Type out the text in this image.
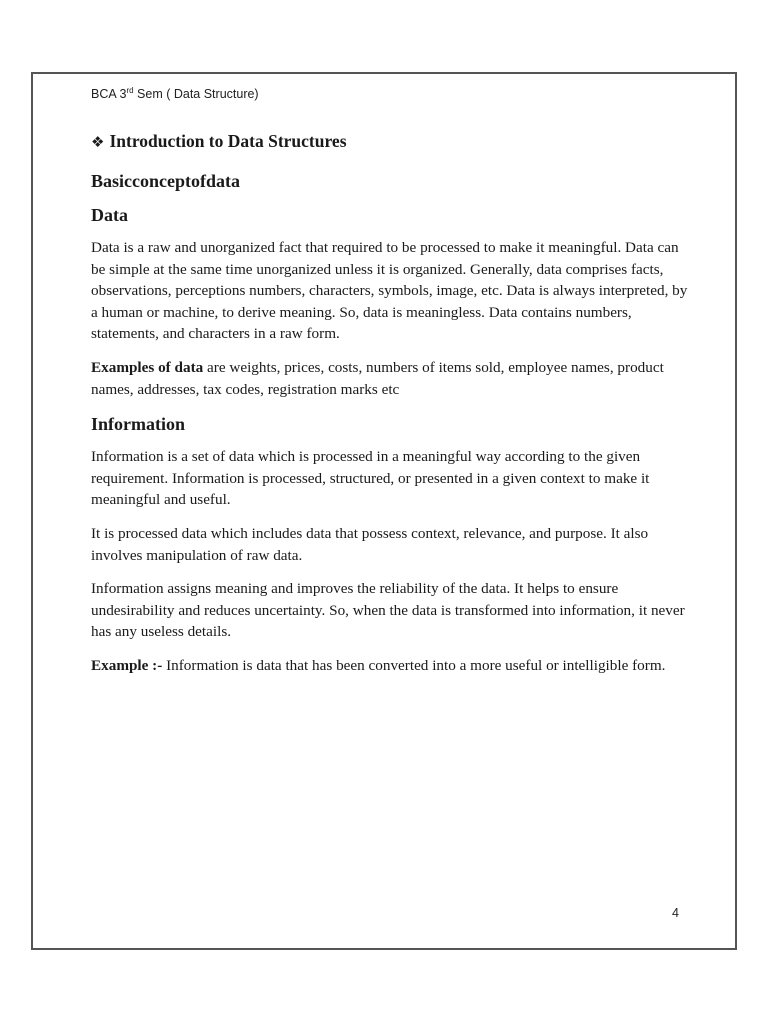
BCA 3rd Sem ( Data Structure)
❖ Introduction to Data Structures
Basicconceptofdata
Data

Data is a raw and unorganized fact that required to be processed to make it meaningful. Data can be simple at the same time unorganized unless it is organized. Generally, data comprises facts, observations, perceptions numbers, characters, symbols, image, etc. Data is always interpreted, by a human or machine, to derive meaning. So, data is meaningless. Data contains numbers, statements, and characters in a raw form.

Examples of data are weights, prices, costs, numbers of items sold, employee names, product names, addresses, tax codes, registration marks etc

Information

Information is a set of data which is processed in a meaningful way according to the given requirement. Information is processed, structured, or presented in a given context to make it meaningful and useful.

It is processed data which includes data that possess context, relevance, and purpose. It also involves manipulation of raw data.

Information assigns meaning and improves the reliability of the data. It helps to ensure undesirability and reduces uncertainty. So, when the data is transformed into information, it never has any useless details.

Example :- Information is data that has been converted into a more useful or intelligible form.

4
